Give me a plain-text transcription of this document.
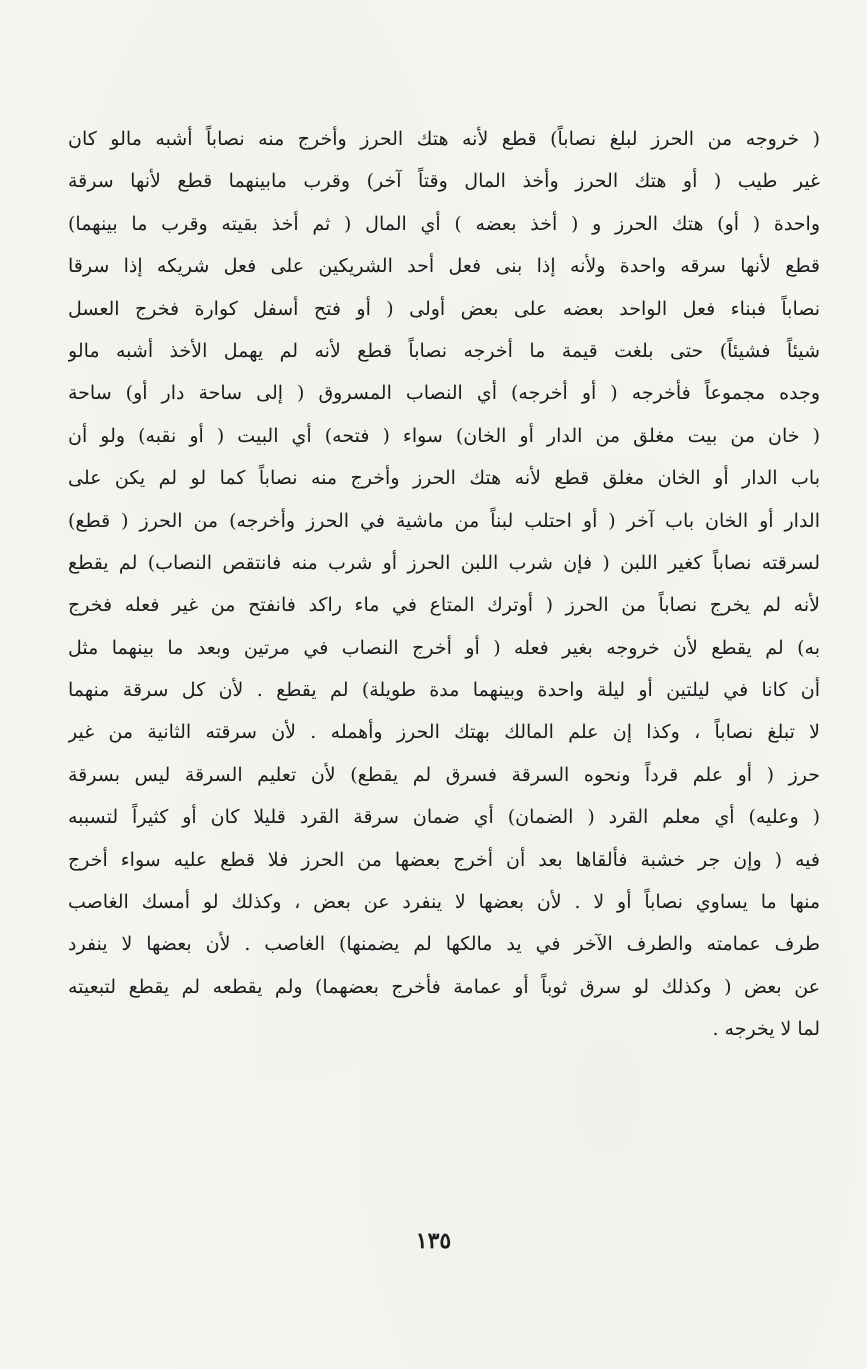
( خروجه من الحرز لبلغ نصاباً) قطع لأنه هتك الحرز وأخرج منه نصاباً أشبه مالو كان
غير طيب ( أو هتك الحرز وأخذ المال وقتاً آخر) وقرب مابينهما قطع لأنها سرقة
واحدة ( أو) هتك الحرز و ( أخذ بعضه ) أي المال ( ثم أخذ بقيته وقرب ما بينهما)
قطع لأنها سرقه واحدة ولأنه إذا بنى فعل أحد الشريكين على فعل شريكه إذا سرقا
نصاباً فبناء فعل الواحد بعضه على بعض أولى ( أو فتح أسفل كوارة فخرج العسل
شيئاً فشيئاً) حتى بلغت قيمة ما أخرجه نصاباً قطع لأنه لم يهمل الأخذ أشبه مالو
وجده مجموعاً فأخرجه ( أو أخرجه) أي النصاب المسروق ( إلى ساحة دار أو) ساحة
( خان من بيت مغلق من الدار أو الخان) سواء ( فتحه) أي البيت ( أو نقبه) ولو أن
باب الدار أو الخان مغلق قطع لأنه هتك الحرز وأخرج منه نصاباً كما لو لم يكن على
الدار أو الخان باب آخر ( أو احتلب لبناً من ماشية في الحرز وأخرجه) من الحرز ( قطع)
لسرقته نصاباً كغير اللبن ( فإن شرب اللبن الحرز أو شرب منه فانتقص النصاب) لم يقطع
لأنه لم يخرج نصاباً من الحرز ( أوترك المتاع في ماء راكد فانفتح من غير فعله فخرج
به) لم يقطع لأن خروجه بغير فعله ( أو أخرج النصاب في مرتين وبعد ما بينهما مثل
أن كانا في ليلتين أو ليلة واحدة وبينهما مدة طويلة) لم يقطع . لأن كل سرقة منهما
لا تبلغ نصاباً ، وكذا إن علم المالك بهتك الحرز وأهمله . لأن سرقته الثانية من غير
حرز ( أو علم قرداً ونحوه السرقة فسرق لم يقطع) لأن تعليم السرقة ليس بسرقة
( وعليه) أي معلم القرد ( الضمان) أي ضمان سرقة القرد قليلا كان أو كثيراً لتسببه
فيه ( وإن جر خشبة فألقاها بعد أن أخرج بعضها من الحرز فلا قطع عليه سواء أخرج
منها ما يساوي نصاباً أو لا . لأن بعضها لا ينفرد عن بعض ، وكذلك لو أمسك الغاصب
طرف عمامته والطرف الآخر في يد مالكها لم يضمنها) الغاصب . لأن بعضها لا ينفرد
عن بعض ( وكذلك لو سرق ثوباً أو عمامة فأخرج بعضهما) ولم يقطعه لم يقطع لتبعيته
لما لا يخرجه .
١٣٥
